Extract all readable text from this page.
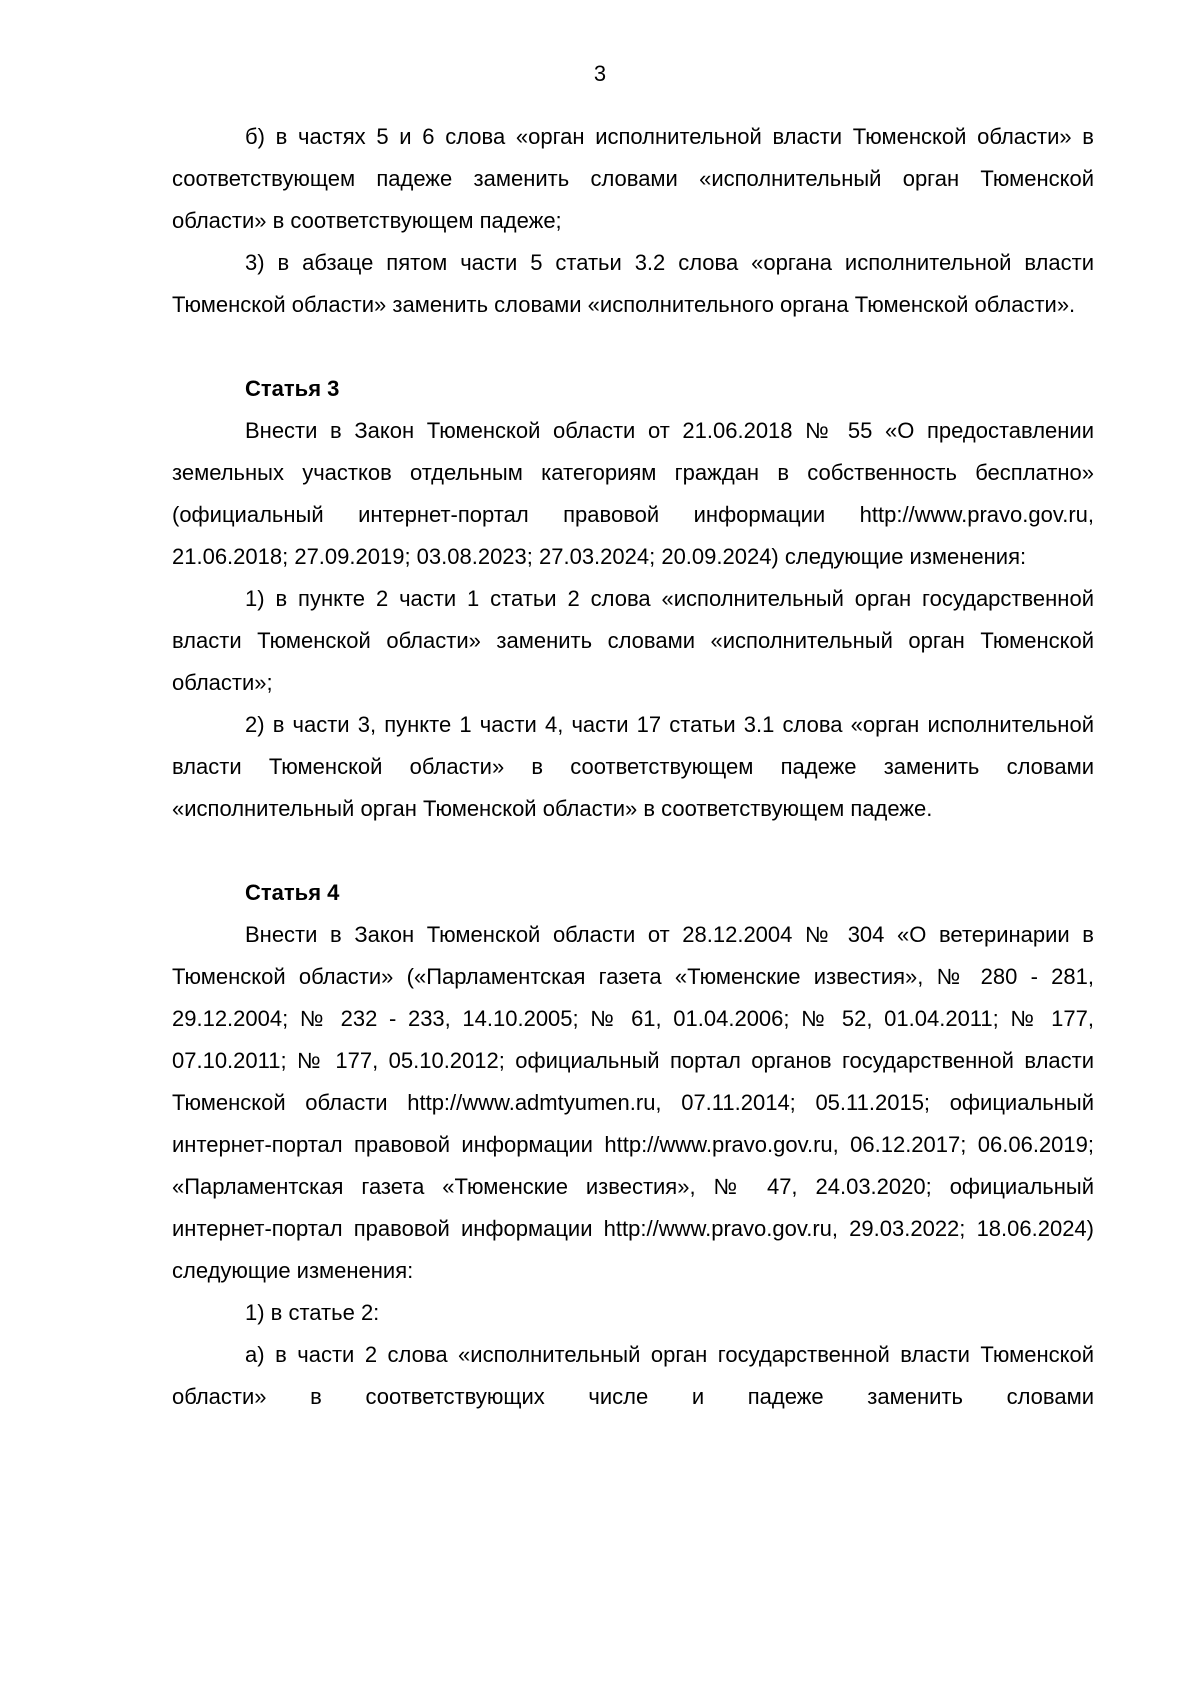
3

б) в частях 5 и 6 слова «орган исполнительной власти Тюменской области» в соответствующем падеже заменить словами «исполнительный орган Тюменской области» в соответствующем падеже;

3) в абзаце пятом части 5 статьи 3.2 слова «органа исполнительной власти Тюменской области» заменить словами «исполнительного органа Тюменской области».

Статья 3

Внести в Закон Тюменской области от 21.06.2018 № 55 «О предоставлении земельных участков отдельным категориям граждан в собственность бесплатно» (официальный интернет-портал правовой информации http://www.pravo.gov.ru, 21.06.2018; 27.09.2019; 03.08.2023; 27.03.2024; 20.09.2024) следующие изменения:

1) в пункте 2 части 1 статьи 2 слова «исполнительный орган государственной власти Тюменской области» заменить словами «исполнительный орган Тюменской области»;

2) в части 3, пункте 1 части 4, части 17 статьи 3.1 слова «орган исполнительной власти Тюменской области» в соответствующем падеже заменить словами «исполнительный орган Тюменской области» в соответствующем падеже.

Статья 4

Внести в Закон Тюменской области от 28.12.2004 № 304 «О ветеринарии в Тюменской области» («Парламентская газета «Тюменские известия», № 280 - 281, 29.12.2004; № 232 - 233, 14.10.2005; № 61, 01.04.2006; № 52, 01.04.2011; № 177, 07.10.2011; № 177, 05.10.2012; официальный портал органов государственной власти Тюменской области http://www.admtyumen.ru, 07.11.2014; 05.11.2015; официальный интернет-портал правовой информации http://www.pravo.gov.ru, 06.12.2017; 06.06.2019; «Парламентская газета «Тюменские известия», № 47, 24.03.2020; официальный интернет-портал правовой информации http://www.pravo.gov.ru, 29.03.2022; 18.06.2024) следующие изменения:

1) в статье 2:

а) в части 2 слова «исполнительный орган государственной власти Тюменской области» в соответствующих числе и падеже заменить словами
